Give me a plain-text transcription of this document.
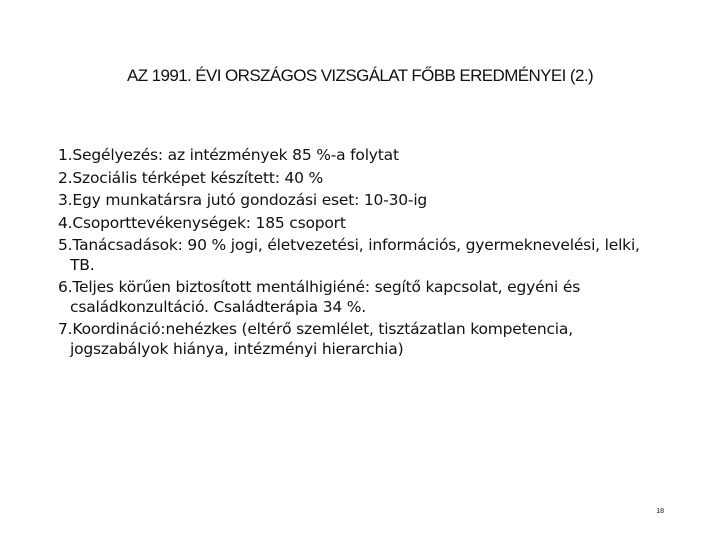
AZ 1991. ÉVI ORSZÁGOS VIZSGÁLAT FŐBB EREDMÉNYEI (2.)
1.Segélyezés: az intézmények 85 %-a folytat
2.Szociális térképet készített: 40 %
3.Egy munkatársra jutó gondozási eset: 10-30-ig
4.Csoporttevékenységek: 185 csoport
5.Tanácsadások: 90 % jogi, életvezetési, információs, gyermeknevelési, lelki, TB.
6.Teljes körűen biztosított mentálhigiéné: segítő kapcsolat, egyéni és családkonzultáció. Családterápia 34 %.
7.Koordináció:nehézkes (eltérő szemlélet, tisztázatlan kompetencia, jogszabályok hiánya, intézményi hierarchia)
18
